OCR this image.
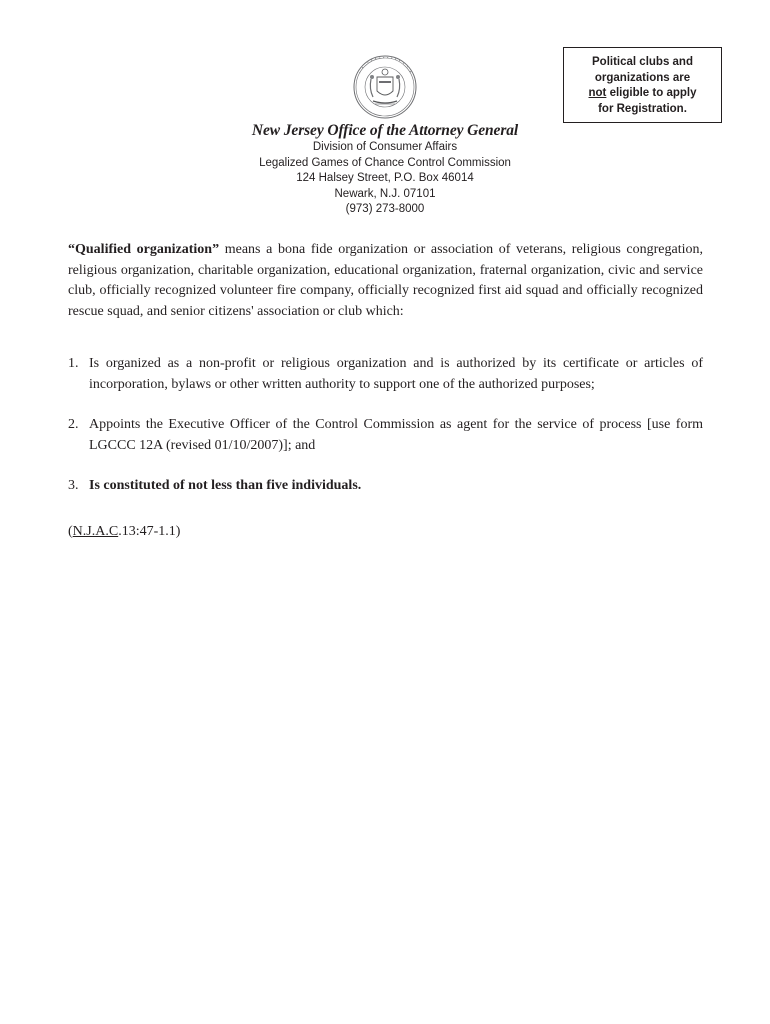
Political clubs and
organizations are
not eligible to apply
for Registration.
New Jersey Office of the Attorney General
Division of Consumer Affairs
Legalized Games of Chance Control Commission
124 Halsey Street, P.O. Box 46014
Newark, N.J. 07101
(973) 273-8000

“Qualified organization” means a bona fide organization or association of veterans, religious congregation, religious organization, charitable organization, educational organization, fraternal organization, civic and service club, officially recognized volunteer fire company, officially recognized first aid squad and officially recognized rescue squad, and senior citizens' association or club which:

1. Is organized as a non-profit or religious organization and is authorized by its certificate or articles of incorporation, bylaws or other written authority to support one of the authorized purposes;
2. Appoints the Executive Officer of the Control Commission as agent for the service of process [use form LGCCC 12A (revised 01/10/2007)]; and
3. Is constituted of not less than five individuals.
(N.J.A.C.13:47-1.1)
